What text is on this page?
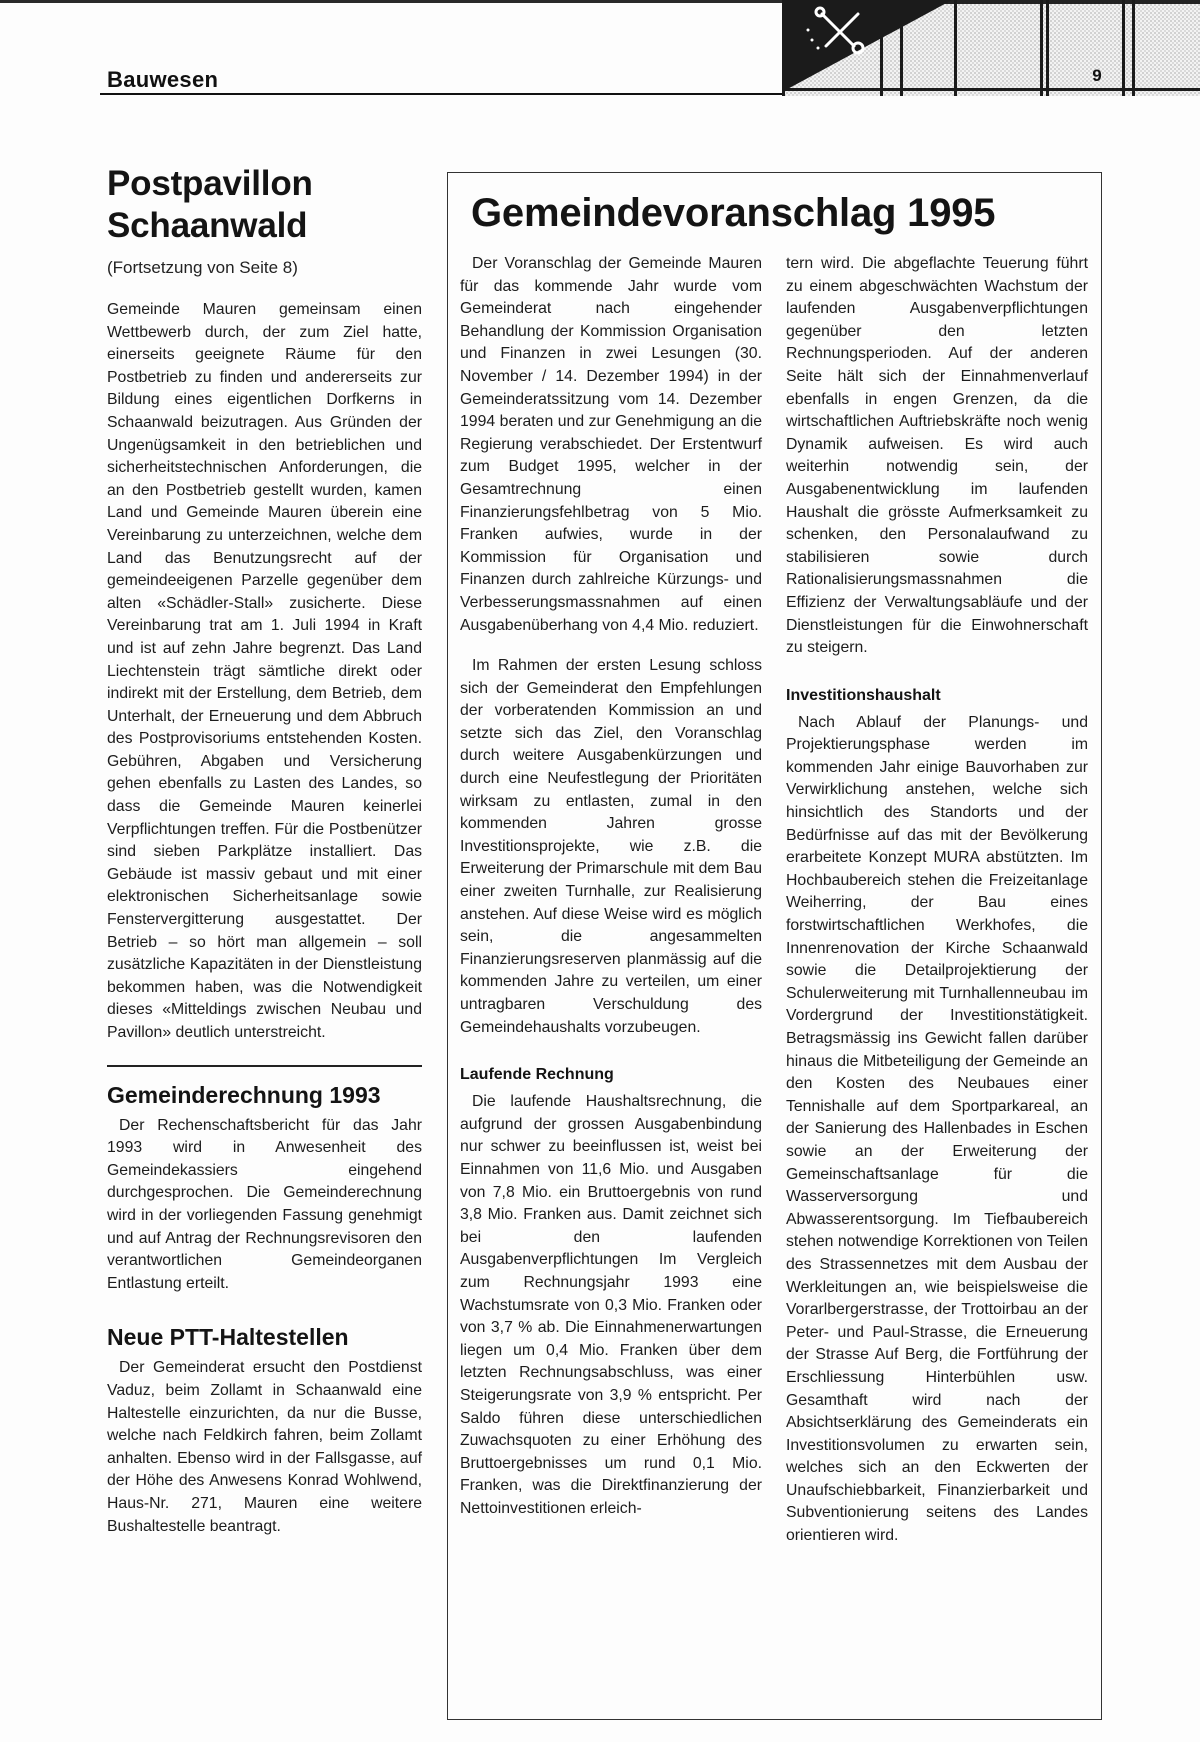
Bauwesen	9
Postpavillon
Schaanwald

(Fortsetzung von Seite 8)

Gemeinde Mauren gemeinsam einen Wettbewerb durch, der zum Ziel hatte, einerseits geeignete Räume für den Postbetrieb zu finden und andererseits zur Bildung eines eigentlichen Dorfkerns in Schaanwald beizutragen. Aus Gründen der Ungenügsamkeit in den betrieblichen und sicherheitstechnischen Anforderungen, die an den Postbetrieb gestellt wurden, kamen Land und Gemeinde Mauren überein eine Vereinbarung zu unterzeichnen, welche dem Land das Benutzungsrecht auf der gemeindeeigenen Parzelle gegenüber dem alten «Schädler-Stall» zusicherte. Diese Vereinbarung trat am 1. Juli 1994 in Kraft und ist auf zehn Jahre begrenzt. Das Land Liechtenstein trägt sämtliche direkt oder indirekt mit der Erstellung, dem Betrieb, dem Unterhalt, der Erneuerung und dem Abbruch des Postprovisoriums entstehenden Kosten. Gebühren, Abgaben und Versicherung gehen ebenfalls zu Lasten des Landes, so dass die Gemeinde Mauren keinerlei Verpflichtungen treffen. Für die Postbenützer sind sieben Parkplätze installiert. Das Gebäude ist massiv gebaut und mit einer elektronischen Sicherheitsanlage sowie Fenstervergitterung ausgestattet. Der Betrieb – so hört man allgemein – soll zusätzliche Kapazitäten in der Dienstleistung bekommen haben, was die Notwendigkeit dieses «Mitteldings zwischen Neubau und Pavillon» deutlich unterstreicht.

Gemeinderechnung 1993

Der Rechenschaftsbericht für das Jahr 1993 wird in Anwesenheit des Gemeindekassiers eingehend durchgesprochen. Die Gemeinderechnung wird in der vorliegenden Fassung genehmigt und auf Antrag der Rechnungsrevisoren den verantwortlichen Gemeindeorganen Entlastung erteilt.

Neue PTT-Haltestellen

Der Gemeinderat ersucht den Postdienst Vaduz, beim Zollamt in Schaanwald eine Haltestelle einzurichten, da nur die Busse, welche nach Feldkirch fahren, beim Zollamt anhalten. Ebenso wird in der Fallsgasse, auf der Höhe des Anwesens Konrad Wohlwend, Haus-Nr. 271, Mauren eine weitere Bushaltestelle beantragt.

Gemeindevoranschlag 1995

Der Voranschlag der Gemeinde Mauren für das kommende Jahr wurde vom Gemeinderat nach eingehender Behandlung der Kommission Organisation und Finanzen in zwei Lesungen (30. November / 14. Dezember 1994) in der Gemeinderatssitzung vom 14. Dezember 1994 beraten und zur Genehmigung an die Regierung verabschiedet. Der Erstentwurf zum Budget 1995, welcher in der Gesamtrechnung einen Finanzierungsfehlbetrag von 5 Mio. Franken aufwies, wurde in der Kommission für Organisation und Finanzen durch zahlreiche Kürzungs- und Verbesserungsmassnahmen auf einen Ausgabenüberhang von 4,4 Mio. reduziert.

Im Rahmen der ersten Lesung schloss sich der Gemeinderat den Empfehlungen der vorberatenden Kommission an und setzte sich das Ziel, den Voranschlag durch weitere Ausgabenkürzungen und durch eine Neufestlegung der Prioritäten wirksam zu entlasten, zumal in den kommenden Jahren grosse Investitionsprojekte, wie z.B. die Erweiterung der Primarschule mit dem Bau einer zweiten Turnhalle, zur Realisierung anstehen. Auf diese Weise wird es möglich sein, die angesammelten Finanzierungsreserven planmässig auf die kommenden Jahre zu verteilen, um einer untragbaren Verschuldung des Gemeindehaushalts vorzubeugen.

Laufende Rechnung

Die laufende Haushaltsrechnung, die aufgrund der grossen Ausgabenbindung nur schwer zu beeinflussen ist, weist bei Einnahmen von 11,6 Mio. und Ausgaben von 7,8 Mio. ein Bruttoergebnis von rund 3,8 Mio. Franken aus. Damit zeichnet sich bei den laufenden Ausgabenverpflichtungen Im Vergleich zum Rechnungsjahr 1993 eine Wachstumsrate von 0,3 Mio. Franken oder von 3,7 % ab. Die Einnahmenerwartungen liegen um 0,4 Mio. Franken über dem letzten Rechnungsabschluss, was einer Steigerungsrate von 3,9 % entspricht. Per Saldo führen diese unterschiedlichen Zuwachsquoten zu einer Erhöhung des Bruttoergebnisses um rund 0,1 Mio. Franken, was die Direktfinanzierung der Nettoinvestitionen erleich-

tern wird. Die abgeflachte Teuerung führt zu einem abgeschwächten Wachstum der laufenden Ausgabenverpflichtungen gegenüber den letzten Rechnungsperioden. Auf der anderen Seite hält sich der Einnahmenverlauf ebenfalls in engen Grenzen, da die wirtschaftlichen Auftriebskräfte noch wenig Dynamik aufweisen. Es wird auch weiterhin notwendig sein, der Ausgabenentwicklung im laufenden Haushalt die grösste Aufmerksamkeit zu schenken, den Personalaufwand zu stabilisieren sowie durch Rationalisierungsmassnahmen die Effizienz der Verwaltungsabläufe und der Dienstleistungen für die Einwohnerschaft zu steigern.

Investitionshaushalt

Nach Ablauf der Planungs- und Projektierungsphase werden im kommenden Jahr einige Bauvorhaben zur Verwirklichung anstehen, welche sich hinsichtlich des Standorts und der Bedürfnisse auf das mit der Bevölkerung erarbeitete Konzept MURA abstützten. Im Hochbaubereich stehen die Freizeitanlage Weiherring, der Bau eines forstwirtschaftlichen Werkhofes, die Innenrenovation der Kirche Schaanwald sowie die Detailprojektierung der Schulerweiterung mit Turnhallenneubau im Vordergrund der Investitionstätigkeit. Betragsmässig ins Gewicht fallen darüber hinaus die Mitbeteiligung der Gemeinde an den Kosten des Neubaues einer Tennishalle auf dem Sportparkareal, an der Sanierung des Hallenbades in Eschen sowie an der Erweiterung der Gemeinschaftsanlage für die Wasserversorgung und Abwasserentsorgung. Im Tiefbaubereich stehen notwendige Korrektionen von Teilen des Strassennetzes mit dem Ausbau der Werkleitungen an, wie beispielsweise die Vorarlbergerstrasse, der Trottoirbau an der Peter- und Paul-Strasse, die Erneuerung der Strasse Auf Berg, die Fortführung der Erschliessung Hinterbühlen usw. Gesamthaft wird nach der Absichtserklärung des Gemeinderats ein Investitionsvolumen zu erwarten sein, welches sich an den Eckwerten der Unaufschiebbarkeit, Finanzierbarkeit und Subventionierung seitens des Landes orientieren wird.
